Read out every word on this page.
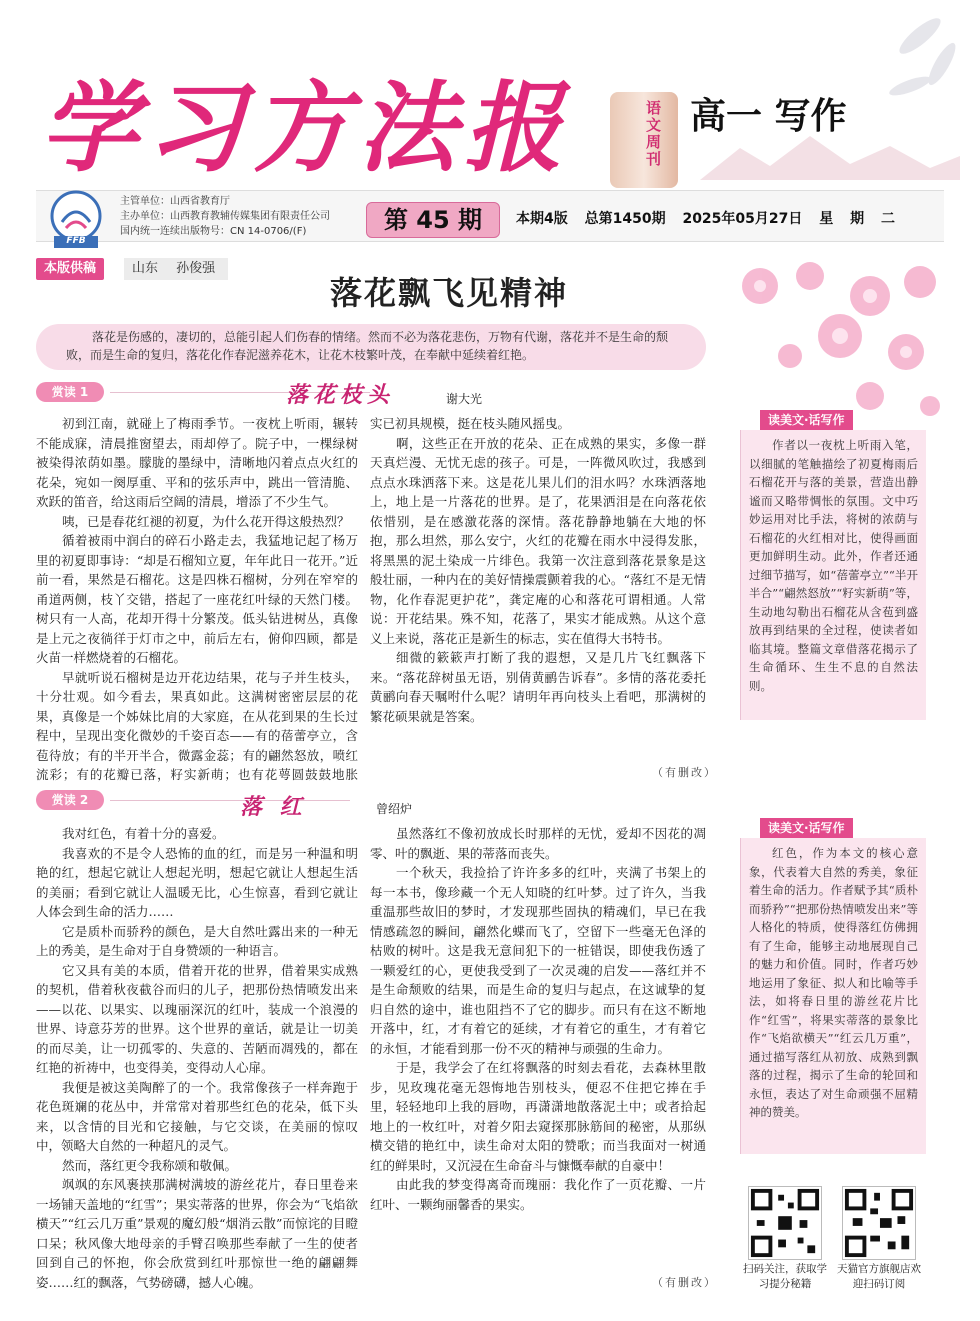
学习方法报	语文周刊 高一 写作
FFB
主管单位：山西省教育厅
主办单位：山西教育教辅传媒集团有限责任公司
国内统一连续出版物号：CN 14-0706/(F)	第 45 期	本期4版 总第1450期 2025年05月27日 星 期 二
本版供稿	山东 孙俊强
落花飘飞见精神
落花是伤感的，凄切的，总能引起人们伤春的情绪。然而不必为落花悲伤，万物有代谢，落花并不是生命的颓败，而是生命的复归，落花化作春泥滋养花木，让花木枝繁叶茂，在奉献中延续着红艳。
赏读 1	落花枝头	谢大光

初到江南，就碰上了梅雨季节。一夜枕上听雨，辗转不能成寐，清晨推窗望去，雨却停了。院子中，一棵绿树被染得浓荫如墨。朦胧的墨绿中，清晰地闪着点点火红的花朵，宛如一阕厚重、平和的弦乐声中，跳出一管清脆、欢跃的笛音，给这雨后空阔的清晨，增添了不少生气。

咦，已是春花红褪的初夏，为什么花开得这般热烈？

循着被雨中润白的碎石小路走去，我猛地记起了杨万里的初夏即事诗：“却是石榴知立夏，年年此日一花开。”近前一看，果然是石榴花。这是四株石榴树，分列在窄窄的甬道两侧，枝丫交错，搭起了一座花红叶绿的天然门楼。树只有一人高，花却开得十分繁茂。低头钻进树丛，真像是上元之夜徜徉于灯市之中，前后左右，俯仰四顾，都是火苗一样燃烧着的石榴花。

早就听说石榴树是边开花边结果，花与子并生枝头，十分壮观。如今看去，果真如此。这满树密密层层的花果，真像是一个姊妹比肩的大家庭，在从花到果的生长过程中，呈现出变化微妙的千姿百态——有的蓓蕾亭立，含苞待放；有的半开半合，微露金蕊；有的翩然怒放，喷红流彩；有的花瓣已落，籽实新萌；也有花萼圆鼓鼓地胀

实已初具规模，挺在枝头随风摇曳。

啊，这些正在开放的花朵、正在成熟的果实，多像一群天真烂漫、无忧无虑的孩子。可是，一阵微风吹过，我感到点点水珠洒落下来。这是花儿果儿们的泪水吗？水珠洒落地上，地上是一片落花的世界。是了，花果洒泪是在向落花依依惜别，是在感激花落的深情。落花静静地躺在大地的怀抱，那么坦然，那么安宁，火红的花瓣在雨水中浸得发胀，将黑黑的泥土染成一片绯色。我第一次注意到落花景象是这般壮丽，一种内在的美好情操震颤着我的心。“落红不是无情物，化作春泥更护花”，龚定庵的心和落花可谓相通。人常说：开花结果。殊不知，花落了，果实才能成熟。从这个意义上来说，落花正是新生的标志，实在值得大书特书。

细微的簌簌声打断了我的遐想，又是几片飞红飘落下来。“落花辞树虽无语，别倩黄鹂告诉春”。多情的落花委托黄鹂向春天嘱咐什么呢？请明年再向枝头上看吧，那满树的繁花硕果就是答案。

（有删改）
读美文·话写作
作者以一夜枕上听雨入笔，以细腻的笔触描绘了初夏梅雨后石榴花开与落的美景，营造出静谧而又略带惆怅的氛围。文中巧妙运用对比手法，将树的浓荫与石榴花的火红相对比，使得画面更加鲜明生动。此外，作者还通过细节描写，如“蓓蕾亭立”“半开半合”“翩然怒放”“籽实新萌”等，生动地勾勒出石榴花从含苞到盛放再到结果的全过程，使读者如临其境。整篇文章借落花揭示了生命循环、生生不息的自然法则。
赏读 2	落 红	曾绍炉

我对红色，有着十分的喜爱。

我喜欢的不是令人恐怖的血的红，而是另一种温和明艳的红，想起它就让人想起光明，想起它就让人想起生活的美丽；看到它就让人温暖无比，心生惊喜，看到它就让人体会到生命的活力……

它是质朴而骄矜的颜色，是大自然吐露出来的一种无上的秀美，是生命对于自身赞颂的一种语言。

它又具有美的本质，借着开花的世界，借着果实成熟的契机，借着秋夜截谷而归的儿子，把那份热情喷发出来——以花、以果实、以瑰丽深沉的红叶，装成一个浪漫的世界、诗意芬芳的世界。这个世界的童话，就是让一切美的而尽美，让一切孤零的、失意的、苦陋而凋残的，都在红艳的祈祷中，也变得美，变得动人心扉。

我便是被这美陶醉了的一个。我常像孩子一样奔跑于花色斑斓的花丛中，并常常对着那些红色的花朵，低下头来，以含情的目光和它接触，与它交谈，在美丽的惊叹中，领略大自然的一种超凡的灵气。

然而，落红更令我称颂和敬佩。

飒飒的东风裹挟那满树满坡的游丝花片，春日里卷来一场铺天盖地的“红雪”；果实蒂落的世界，你会为“飞焰欲横天”“红云几万重”景观的魔幻般“烟消云散”而惊诧的目瞪口呆；秋风像大地母亲的手臂召唤那些奉献了一生的使者回到自己的怀抱，你会欣赏到红叶那惊世一绝的翩翩舞姿……红的飘落，气势磅礴，撼人心魄。

虽然落红不像初放成长时那样的无忧，爱却不因花的凋零、叶的飘逝、果的蒂落而丧失。

一个秋天，我捡拾了许许多多的红叶，夹满了书架上的每一本书，像珍藏一个无人知晓的红叶梦。过了许久，当我重温那些故旧的梦时，才发现那些固执的精魂们，早已在我情感疏忽的瞬间，翩然化蝶而飞了，空留下一些毫无色泽的枯败的树叶。这是我无意间犯下的一桩错误，即使我伤透了一颗爱红的心，更使我受到了一次灵魂的启发——落红并不是生命颓败的结果，而是生命的复归与起点，在这诚挚的复归自然的途中，谁也阻挡不了它的脚步。而只有在这不断地开落中，红，才有着它的延续，才有着它的重生，才有着它的永恒，才能看到那一份不灭的精神与顽强的生命力。

于是，我学会了在红将飘落的时刻去看花，去森林里散步，见玫瑰花毫无怨悔地告别枝头，便忍不住把它捧在手里，轻轻地印上我的唇吻，再潇潇地散落泥土中；或者拾起地上的一枚红叶，对着夕阳去窥探那脉筋间的秘密，从那纵横交错的艳红中，读生命对太阳的赞歌；而当我面对一树通红的鲜果时，又沉浸在生命奋斗与慷慨奉献的自豪中！

由此我的梦变得离奇而瑰丽：我化作了一页花瓣、一片红叶、一颗绚丽馨香的果实。

（有删改）
读美文·话写作
红色，作为本文的核心意象，代表着大自然的秀美，象征着生命的活力。作者赋予其“质朴而骄矜”“把那份热情喷发出来”等人格化的特质，使得落红仿佛拥有了生命，能够主动地展现自己的魅力和价值。同时，作者巧妙地运用了象征、拟人和比喻等手法，如将春日里的游丝花片比作“红雪”，将果实蒂落的景象比作“飞焰欲横天”“红云几万重”，通过描写落红从初放、成熟到飘落的过程，揭示了生命的轮回和永恒，表达了对生命顽强不屈精神的赞美。
扫码关注，获取学习提分秘籍
天猫官方旗舰店欢迎扫码订阅
